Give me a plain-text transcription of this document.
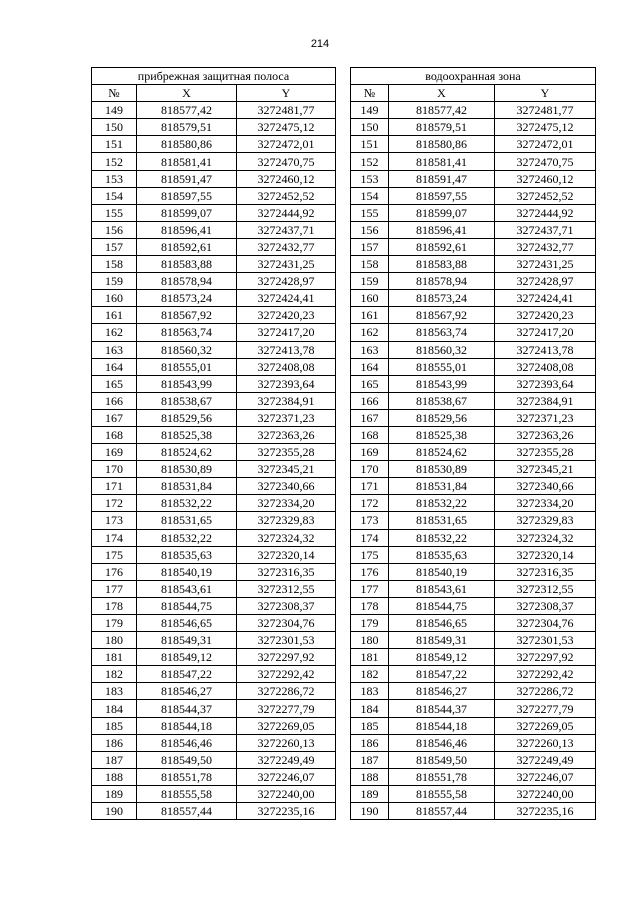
214
прибрежная защитная полоса		
№	X	Y
149	818577,42	3272481,77
150	818579,51	3272475,12
151	818580,86	3272472,01
152	818581,41	3272470,75
153	818591,47	3272460,12
154	818597,55	3272452,52
155	818599,07	3272444,92
156	818596,41	3272437,71
157	818592,61	3272432,77
158	818583,88	3272431,25
159	818578,94	3272428,97
160	818573,24	3272424,41
161	818567,92	3272420,23
162	818563,74	3272417,20
163	818560,32	3272413,78
164	818555,01	3272408,08
165	818543,99	3272393,64
166	818538,67	3272384,91
167	818529,56	3272371,23
168	818525,38	3272363,26
169	818524,62	3272355,28
170	818530,89	3272345,21
171	818531,84	3272340,66
172	818532,22	3272334,20
173	818531,65	3272329,83
174	818532,22	3272324,32
175	818535,63	3272320,14
176	818540,19	3272316,35
177	818543,61	3272312,55
178	818544,75	3272308,37
179	818546,65	3272304,76
180	818549,31	3272301,53
181	818549,12	3272297,92
182	818547,22	3272292,42
183	818546,27	3272286,72
184	818544,37	3272277,79
185	818544,18	3272269,05
186	818546,46	3272260,13
187	818549,50	3272249,49
188	818551,78	3272246,07
189	818555,58	3272240,00
190	818557,44	3272235,16
водоохранная зона		
№	X	Y
149	818577,42	3272481,77
150	818579,51	3272475,12
151	818580,86	3272472,01
152	818581,41	3272470,75
153	818591,47	3272460,12
154	818597,55	3272452,52
155	818599,07	3272444,92
156	818596,41	3272437,71
157	818592,61	3272432,77
158	818583,88	3272431,25
159	818578,94	3272428,97
160	818573,24	3272424,41
161	818567,92	3272420,23
162	818563,74	3272417,20
163	818560,32	3272413,78
164	818555,01	3272408,08
165	818543,99	3272393,64
166	818538,67	3272384,91
167	818529,56	3272371,23
168	818525,38	3272363,26
169	818524,62	3272355,28
170	818530,89	3272345,21
171	818531,84	3272340,66
172	818532,22	3272334,20
173	818531,65	3272329,83
174	818532,22	3272324,32
175	818535,63	3272320,14
176	818540,19	3272316,35
177	818543,61	3272312,55
178	818544,75	3272308,37
179	818546,65	3272304,76
180	818549,31	3272301,53
181	818549,12	3272297,92
182	818547,22	3272292,42
183	818546,27	3272286,72
184	818544,37	3272277,79
185	818544,18	3272269,05
186	818546,46	3272260,13
187	818549,50	3272249,49
188	818551,78	3272246,07
189	818555,58	3272240,00
190	818557,44	3272235,16
